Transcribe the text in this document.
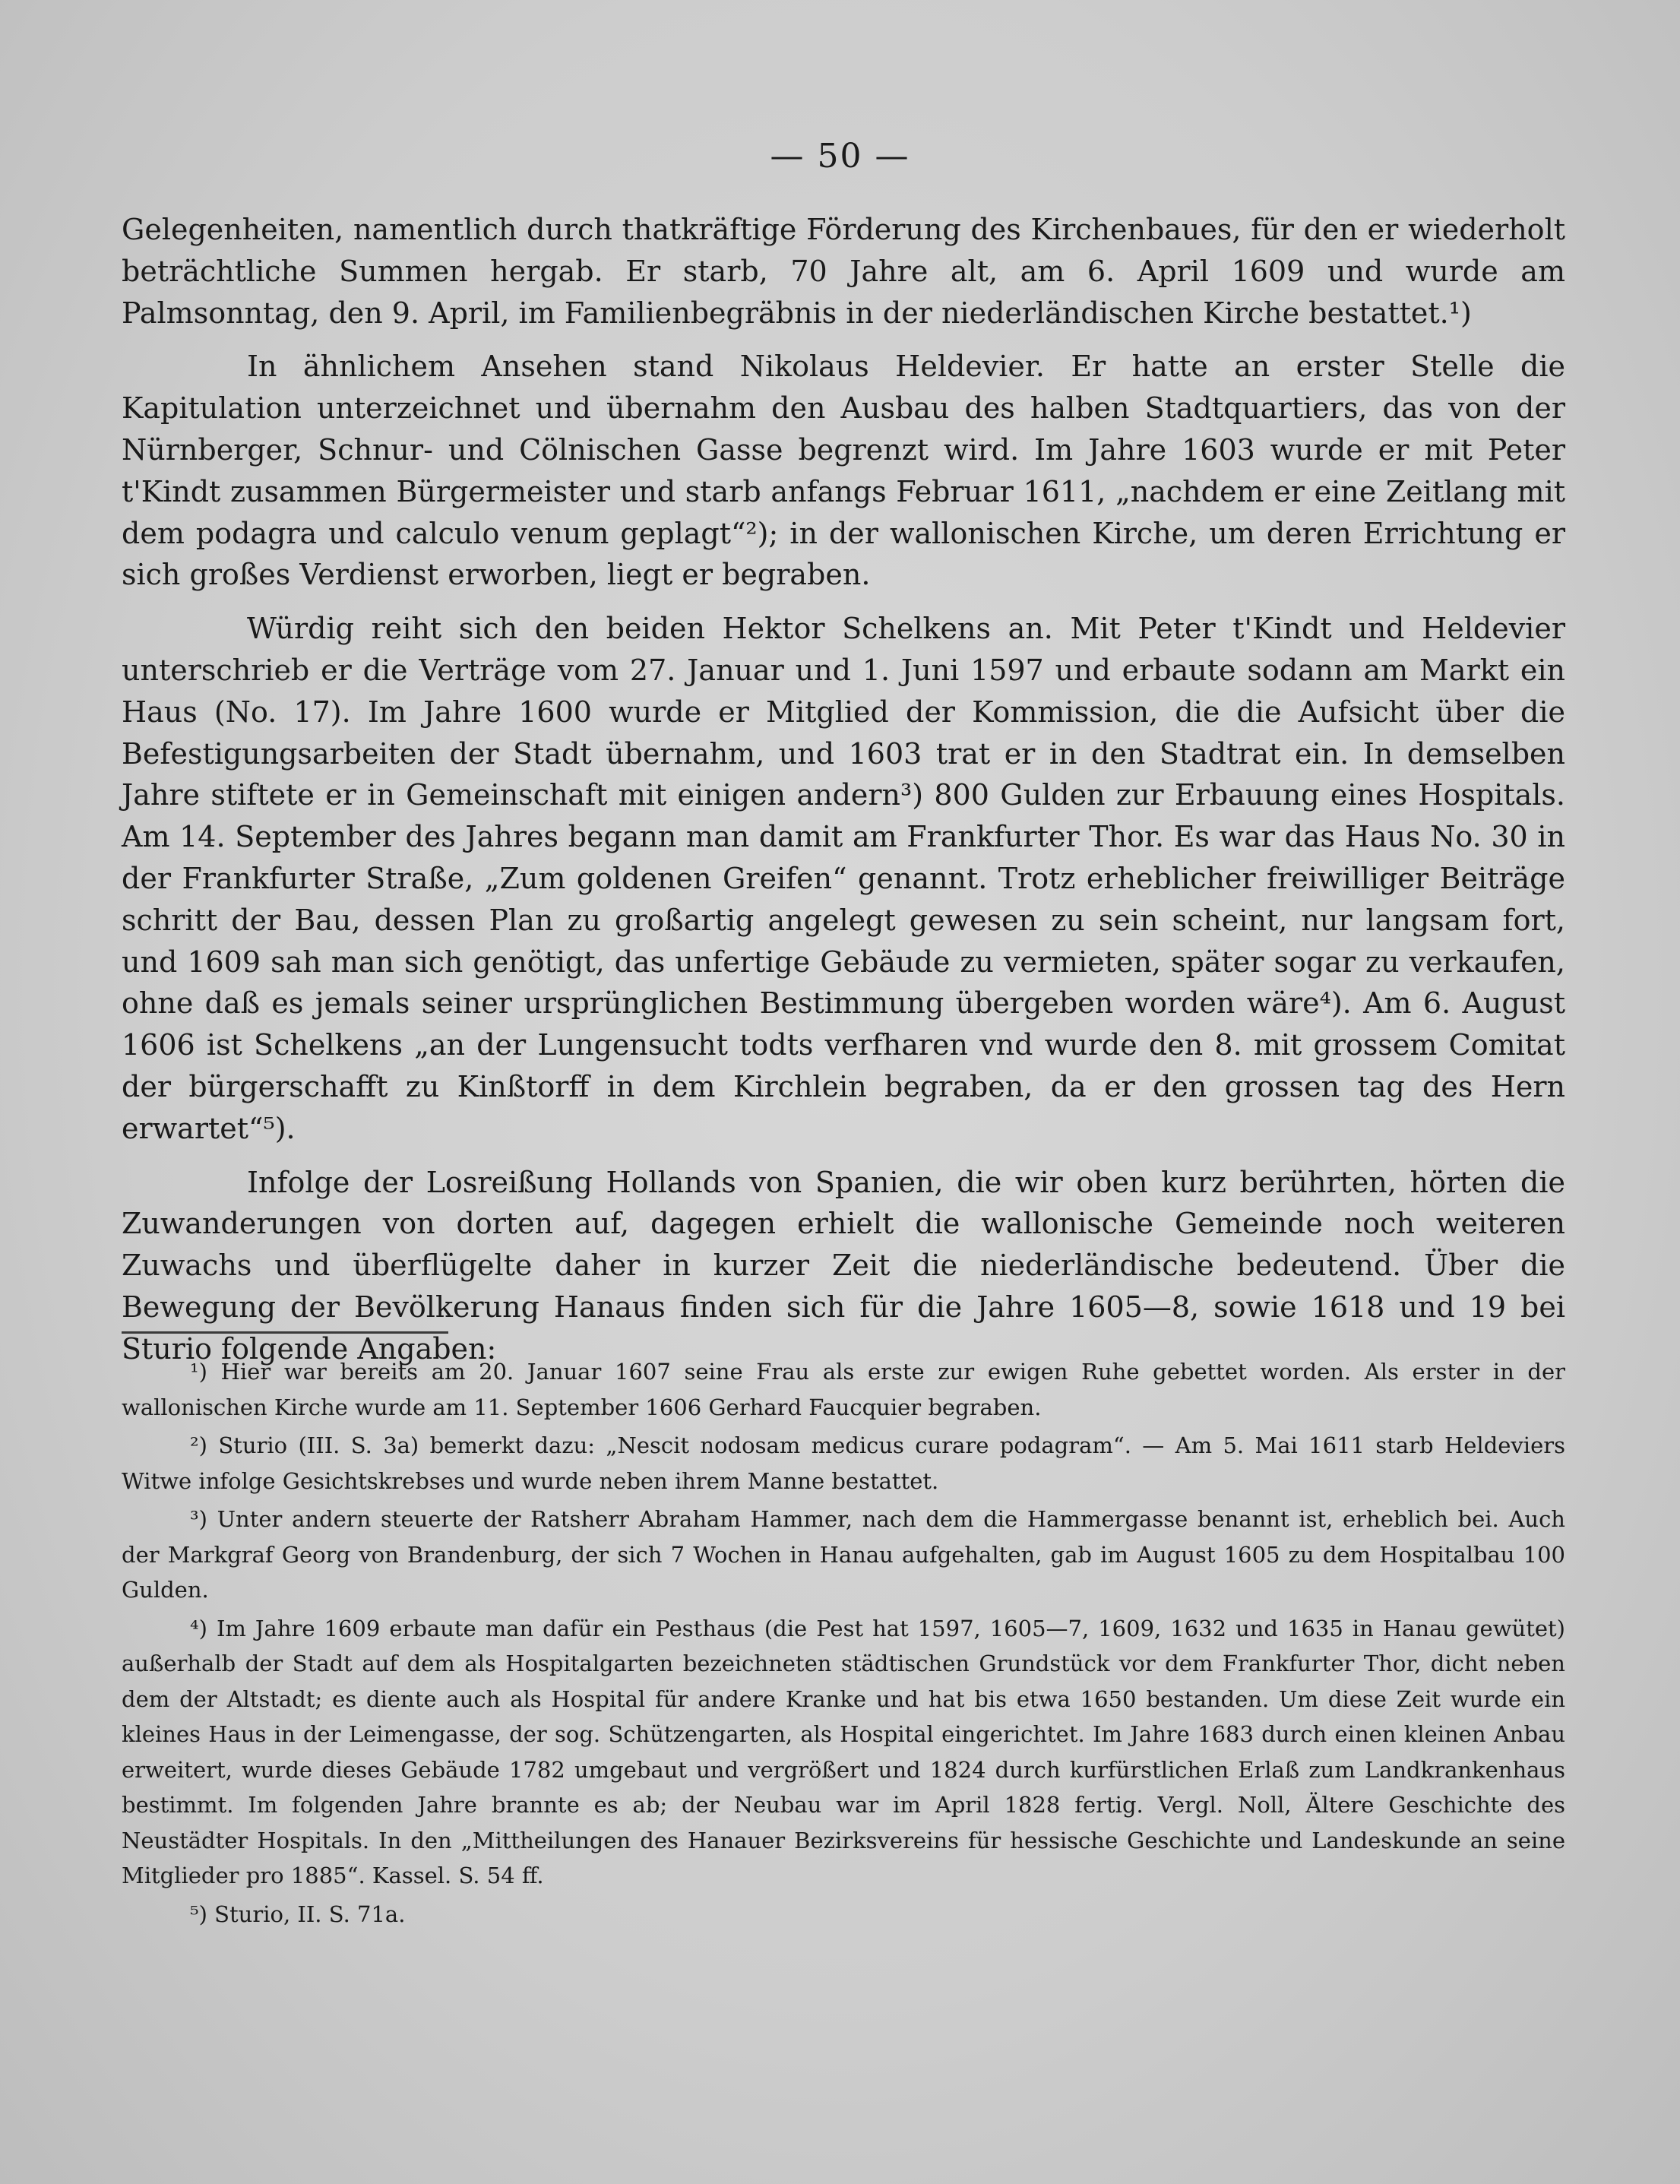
— 50 —

Gelegenheiten, namentlich durch thatkräftige Förderung des Kirchenbaues, für den er wiederholt beträchtliche Summen hergab. Er starb, 70 Jahre alt, am 6. April 1609 und wurde am Palmsonntag, den 9. April, im Familienbegräbnis in der niederländischen Kirche bestattet.¹)

In ähnlichem Ansehen stand Nikolaus Heldevier. Er hatte an erster Stelle die Kapitulation unterzeichnet und übernahm den Ausbau des halben Stadtquartiers, das von der Nürnberger, Schnur- und Cölnischen Gasse begrenzt wird. Im Jahre 1603 wurde er mit Peter t'Kindt zusammen Bürgermeister und starb anfangs Februar 1611, „nachdem er eine Zeitlang mit dem podagra und calculo venum geplagt“²); in der wallonischen Kirche, um deren Errichtung er sich großes Verdienst erworben, liegt er begraben.

Würdig reiht sich den beiden Hektor Schelkens an. Mit Peter t'Kindt und Heldevier unterschrieb er die Verträge vom 27. Januar und 1. Juni 1597 und erbaute sodann am Markt ein Haus (No. 17). Im Jahre 1600 wurde er Mitglied der Kommission, die die Aufsicht über die Befestigungsarbeiten der Stadt übernahm, und 1603 trat er in den Stadtrat ein. In demselben Jahre stiftete er in Gemeinschaft mit einigen andern³) 800 Gulden zur Erbauung eines Hospitals. Am 14. September des Jahres begann man damit am Frankfurter Thor. Es war das Haus No. 30 in der Frankfurter Straße, „Zum goldenen Greifen“ genannt. Trotz erheblicher freiwilliger Beiträge schritt der Bau, dessen Plan zu großartig angelegt gewesen zu sein scheint, nur langsam fort, und 1609 sah man sich genötigt, das unfertige Gebäude zu vermieten, später sogar zu verkaufen, ohne daß es jemals seiner ursprünglichen Bestimmung übergeben worden wäre⁴). Am 6. August 1606 ist Schelkens „an der Lungensucht todts verfharen vnd wurde den 8. mit grossem Comitat der bürgerschafft zu Kinßtorff in dem Kirchlein begraben, da er den grossen tag des Hern erwartet“⁵).

Infolge der Losreißung Hollands von Spanien, die wir oben kurz berührten, hörten die Zuwanderungen von dorten auf, dagegen erhielt die wallonische Gemeinde noch weiteren Zuwachs und überflügelte daher in kurzer Zeit die niederländische bedeutend. Über die Bewegung der Bevölkerung Hanaus finden sich für die Jahre 1605—8, sowie 1618 und 19 bei Sturio folgende Angaben:

¹) Hier war bereits am 20. Januar 1607 seine Frau als erste zur ewigen Ruhe gebettet worden. Als erster in der wallonischen Kirche wurde am 11. September 1606 Gerhard Faucquier begraben.

²) Sturio (III. S. 3a) bemerkt dazu: „Nescit nodosam medicus curare podagram“. — Am 5. Mai 1611 starb Heldeviers Witwe infolge Gesichtskrebses und wurde neben ihrem Manne bestattet.

³) Unter andern steuerte der Ratsherr Abraham Hammer, nach dem die Hammergasse benannt ist, erheblich bei. Auch der Markgraf Georg von Brandenburg, der sich 7 Wochen in Hanau aufgehalten, gab im August 1605 zu dem Hospitalbau 100 Gulden.

⁴) Im Jahre 1609 erbaute man dafür ein Pesthaus (die Pest hat 1597, 1605—7, 1609, 1632 und 1635 in Hanau gewütet) außerhalb der Stadt auf dem als Hospitalgarten bezeichneten städtischen Grundstück vor dem Frankfurter Thor, dicht neben dem der Altstadt; es diente auch als Hospital für andere Kranke und hat bis etwa 1650 bestanden. Um diese Zeit wurde ein kleines Haus in der Leimengasse, der sog. Schützengarten, als Hospital eingerichtet. Im Jahre 1683 durch einen kleinen Anbau erweitert, wurde dieses Gebäude 1782 umgebaut und vergrößert und 1824 durch kurfürstlichen Erlaß zum Landkrankenhaus bestimmt. Im folgenden Jahre brannte es ab; der Neubau war im April 1828 fertig. Vergl. Noll, Ältere Geschichte des Neustädter Hospitals. In den „Mittheilungen des Hanauer Bezirksvereins für hessische Geschichte und Landeskunde an seine Mitglieder pro 1885“. Kassel. S. 54 ff.

⁵) Sturio, II. S. 71a.
